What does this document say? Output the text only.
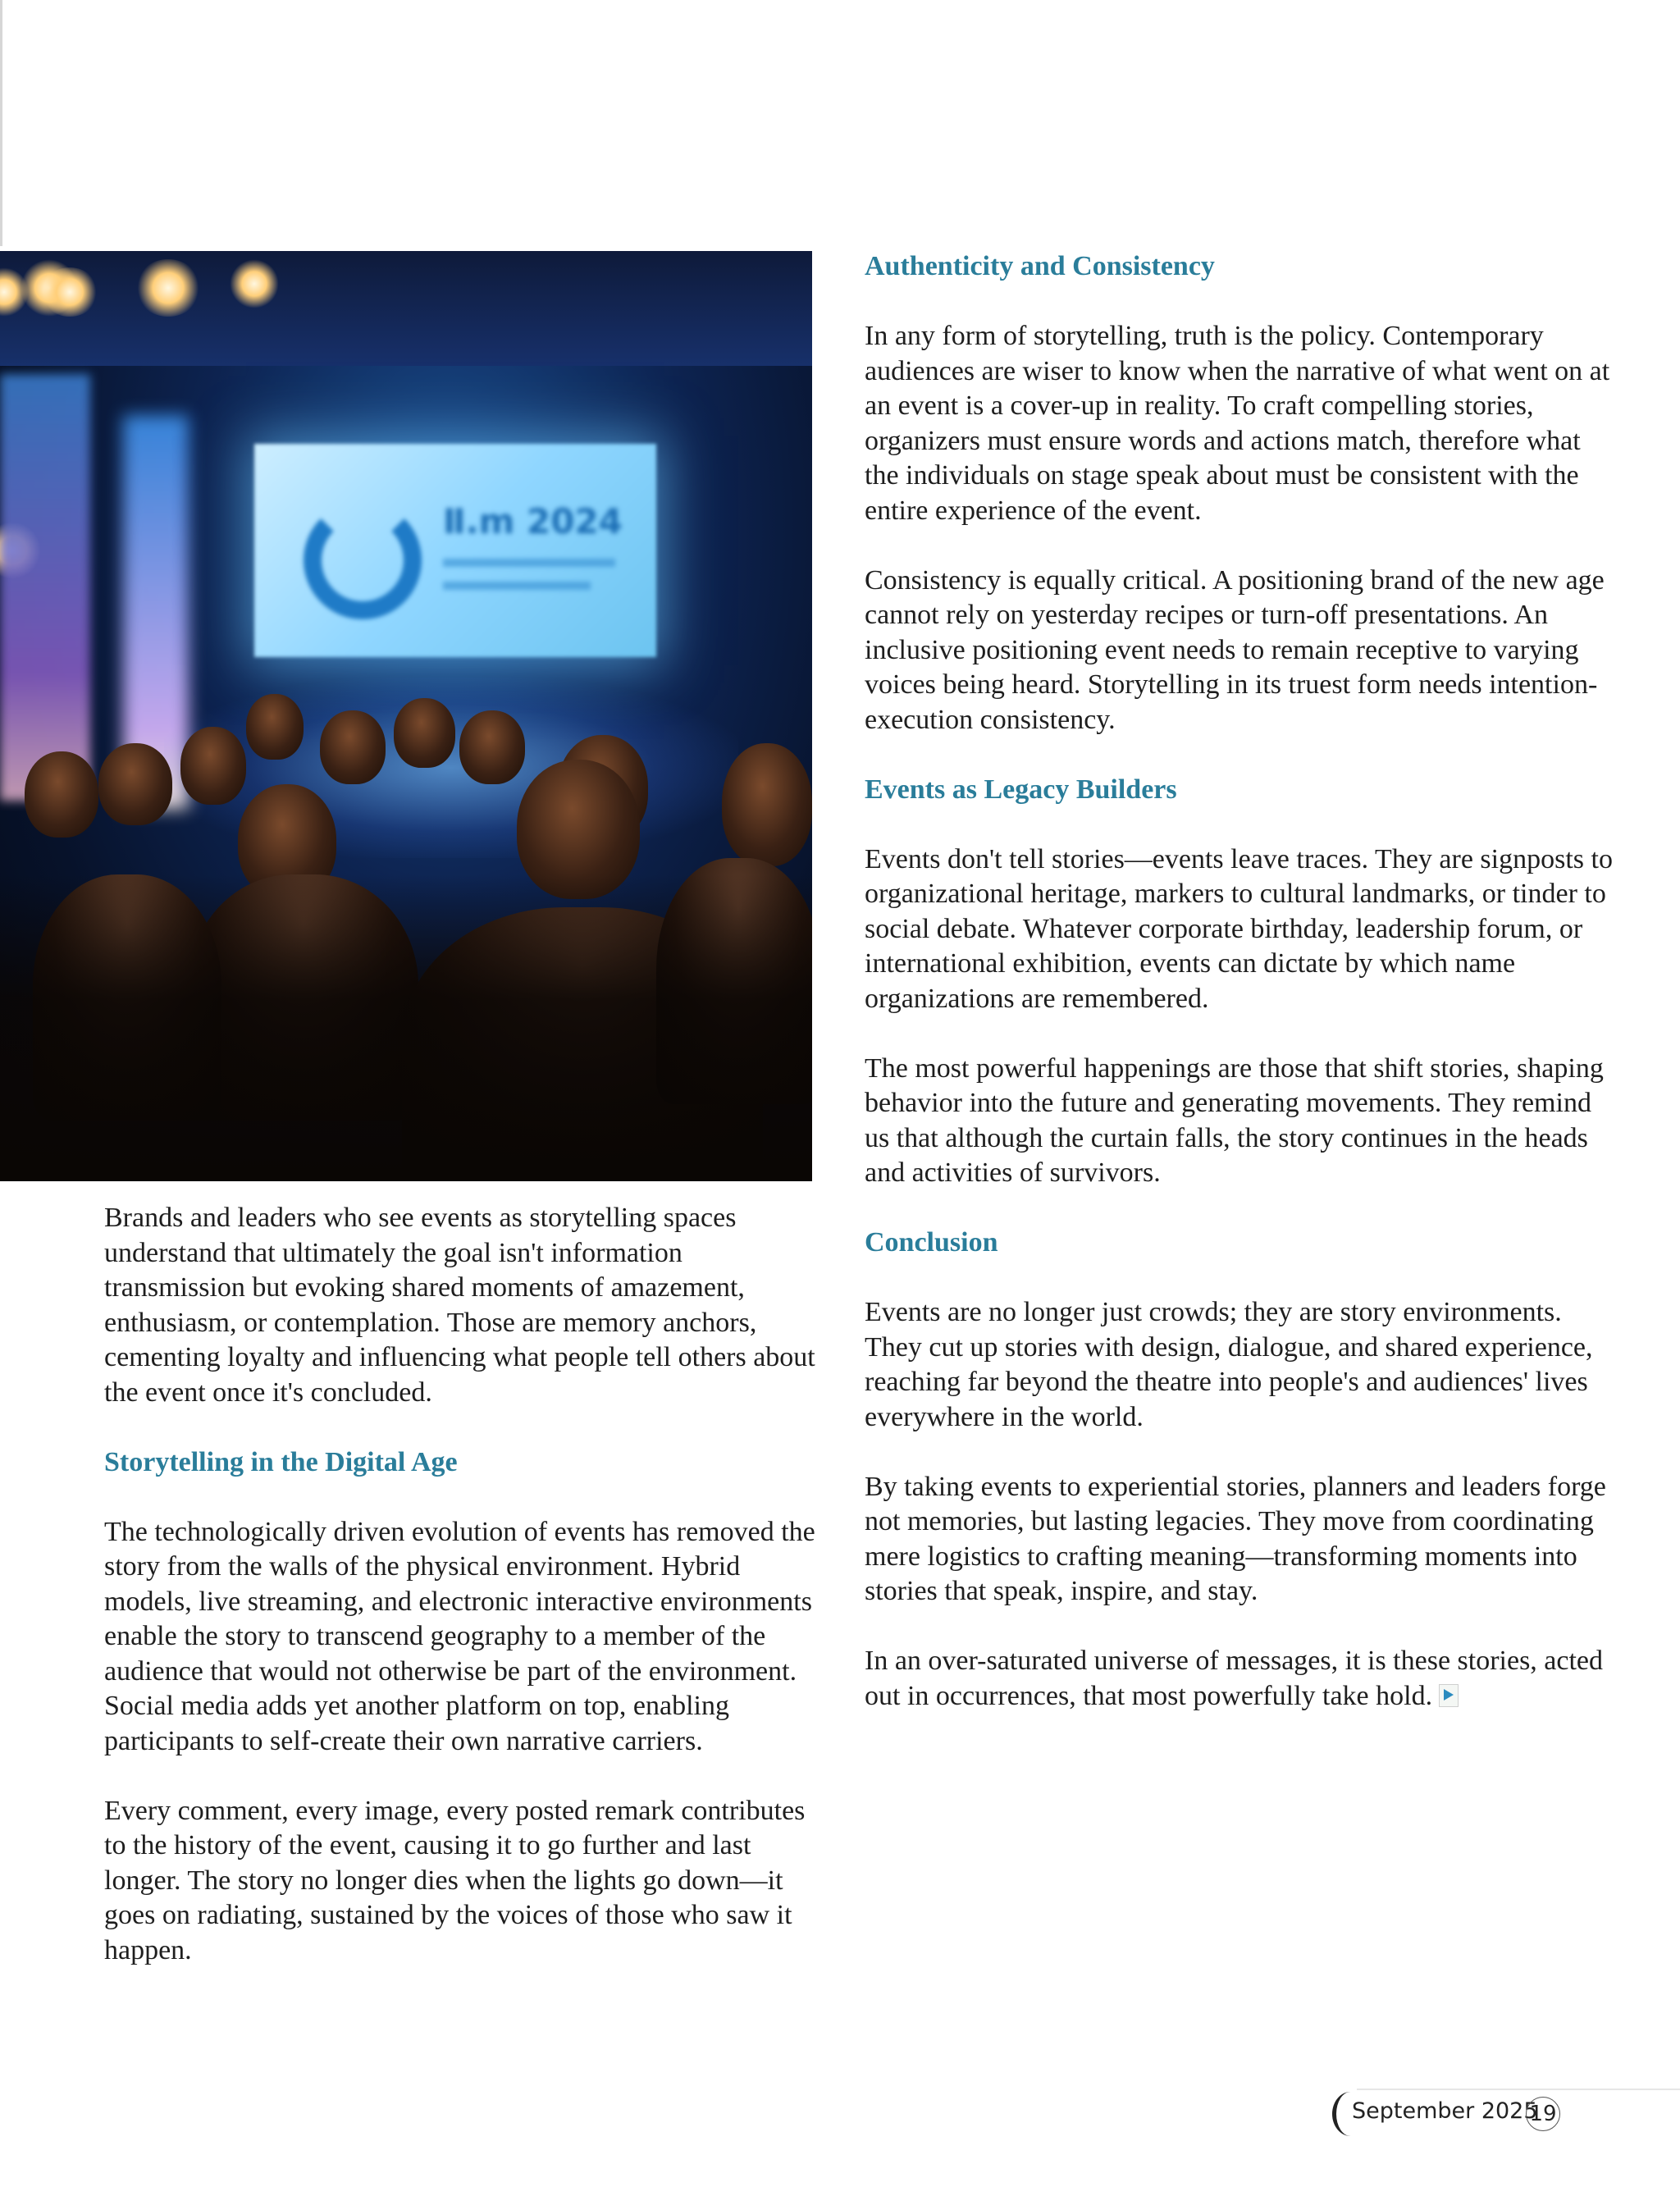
Ⅱ.m 2024

Brands and leaders who see events as storytelling spaces understand that ultimately the goal isn't information transmission but evoking shared moments of amazement, enthusiasm, or contemplation. Those are memory anchors, cementing loyalty and influencing what people tell others about the event once it's concluded.

Storytelling in the Digital Age

The technologically driven evolution of events has removed the story from the walls of the physical environment. Hybrid models, live streaming, and electronic interactive environments enable the story to transcend geography to a member of the audience that would not otherwise be part of the environment. Social media adds yet another platform on top, enabling participants to self-create their own narrative carriers.

Every comment, every image, every posted remark contributes to the history of the event, causing it to go further and last longer. The story no longer dies when the lights go down—it goes on radiating, sustained by the voices of those who saw it happen.

Authenticity and Consistency

In any form of storytelling, truth is the policy. Contemporary audiences are wiser to know when the narrative of what went on at an event is a cover-up in reality. To craft compelling stories, organizers must ensure words and actions match, therefore what the individuals on stage speak about must be consistent with the entire experience of the event.

Consistency is equally critical. A positioning brand of the new age cannot rely on yesterday recipes or turn-off presentations. An inclusive positioning event needs to remain receptive to varying voices being heard. Storytelling in its truest form needs intention-execution consistency.

Events as Legacy Builders

Events don't tell stories—events leave traces. They are signposts to organizational heritage, markers to cultural landmarks, or tinder to social debate. Whatever corporate birthday, leadership forum, or international exhibition, events can dictate by which name organizations are remembered.

The most powerful happenings are those that shift stories, shaping behavior into the future and generating movements. They remind us that although the curtain falls, the story continues in the heads and activities of survivors.

Conclusion

Events are no longer just crowds; they are story environments. They cut up stories with design, dialogue, and shared experience, reaching far beyond the theatre into people's and audiences' lives everywhere in the world.

By taking events to experiential stories, planners and leaders forge not memories, but lasting legacies. They move from coordinating mere logistics to crafting meaning—transforming moments into stories that speak, inspire, and stay.

In an over-saturated universe of messages, it is these stories, acted out in occurrences, that most powerfully take hold.

September 2025
19
